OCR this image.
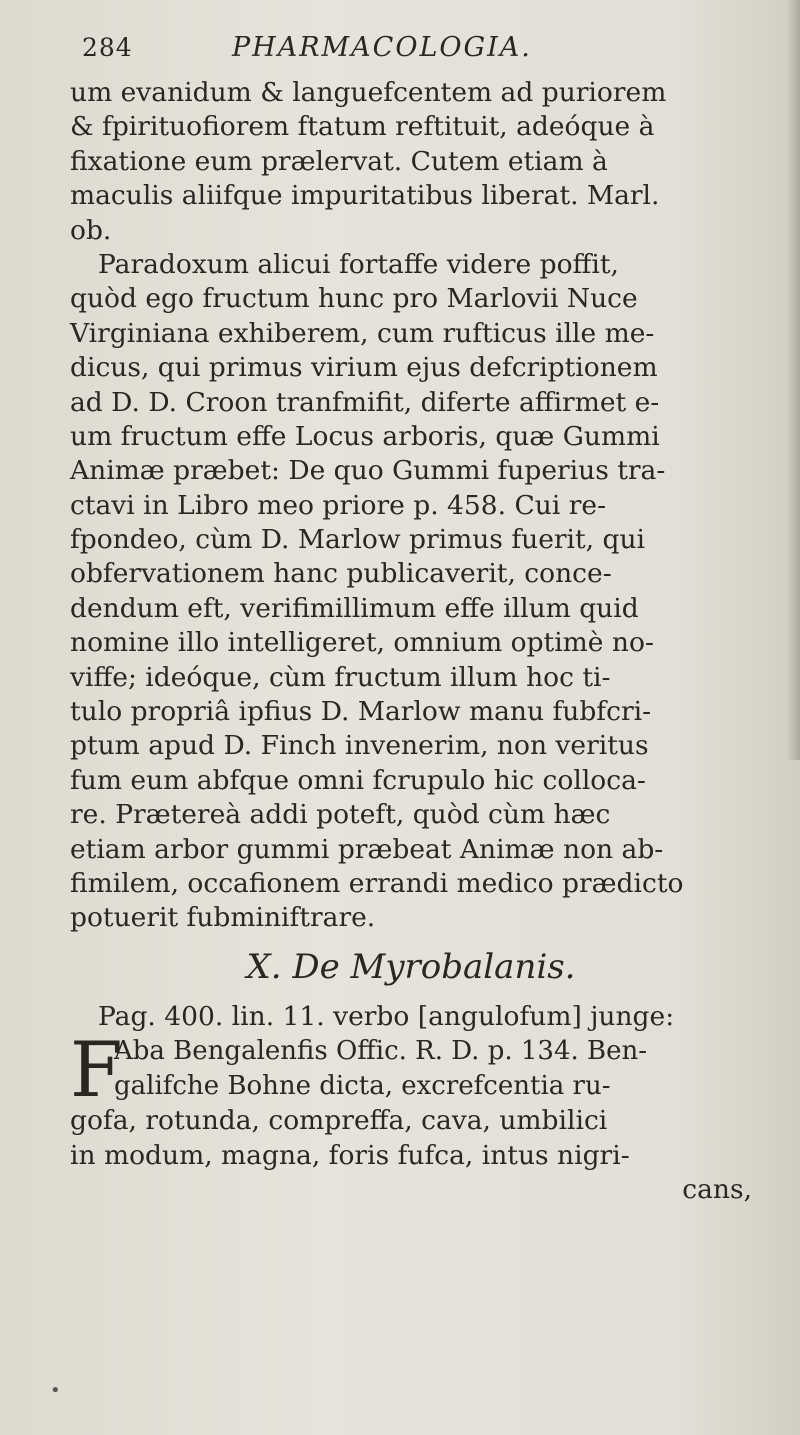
284	PHARMACOLOGIA.
um evanidum & languefcentem ad puriorem
& fpirituofiorem ftatum reftituit, adeóque à
fixatione eum prælervat. Cutem etiam à
maculis aliifque impuritatibus liberat. Marl.
ob.
Paradoxum alicui fortaffe videre poffit,
quòd ego fructum hunc pro Marlovii Nuce
Virginiana exhiberem, cum rufticus ille me-
dicus, qui primus virium ejus defcriptionem
ad D. D. Croon tranfmifit, diferte affirmet e-
um fructum effe Locus arboris, quæ Gummi
Animæ præbet: De quo Gummi fuperius tra-
ctavi in Libro meo priore p. 458. Cui re-
fpondeo, cùm D. Marlow primus fuerit, qui
obfervationem hanc publicaverit, conce-
dendum eft, verifimillimum effe illum quid
nomine illo intelligeret, omnium optimè no-
viffe; ideóque, cùm fructum illum hoc ti-
tulo propriâ ipfius D. Marlow manu fubfcri-
ptum apud D. Finch invenerim, non veritus
fum eum abfque omni fcrupulo hic colloca-
re. Prætereà addi poteft, quòd cùm hæc
etiam arbor gummi præbeat Animæ non ab-
fimilem, occafionem errandi medico prædicto
potuerit fubminiftrare.
X. De Myrobalanis.
Pag. 400. lin. 11. verbo [angulofum] junge:
F
Aba Bengalenfis Offic. R. D. p. 134. Ben-
galifche Bohne dicta, excrefcentia ru-
gofa, rotunda, compreffa, cava, umbilici
in modum, magna, foris fufca, intus nigri-
cans,
•
